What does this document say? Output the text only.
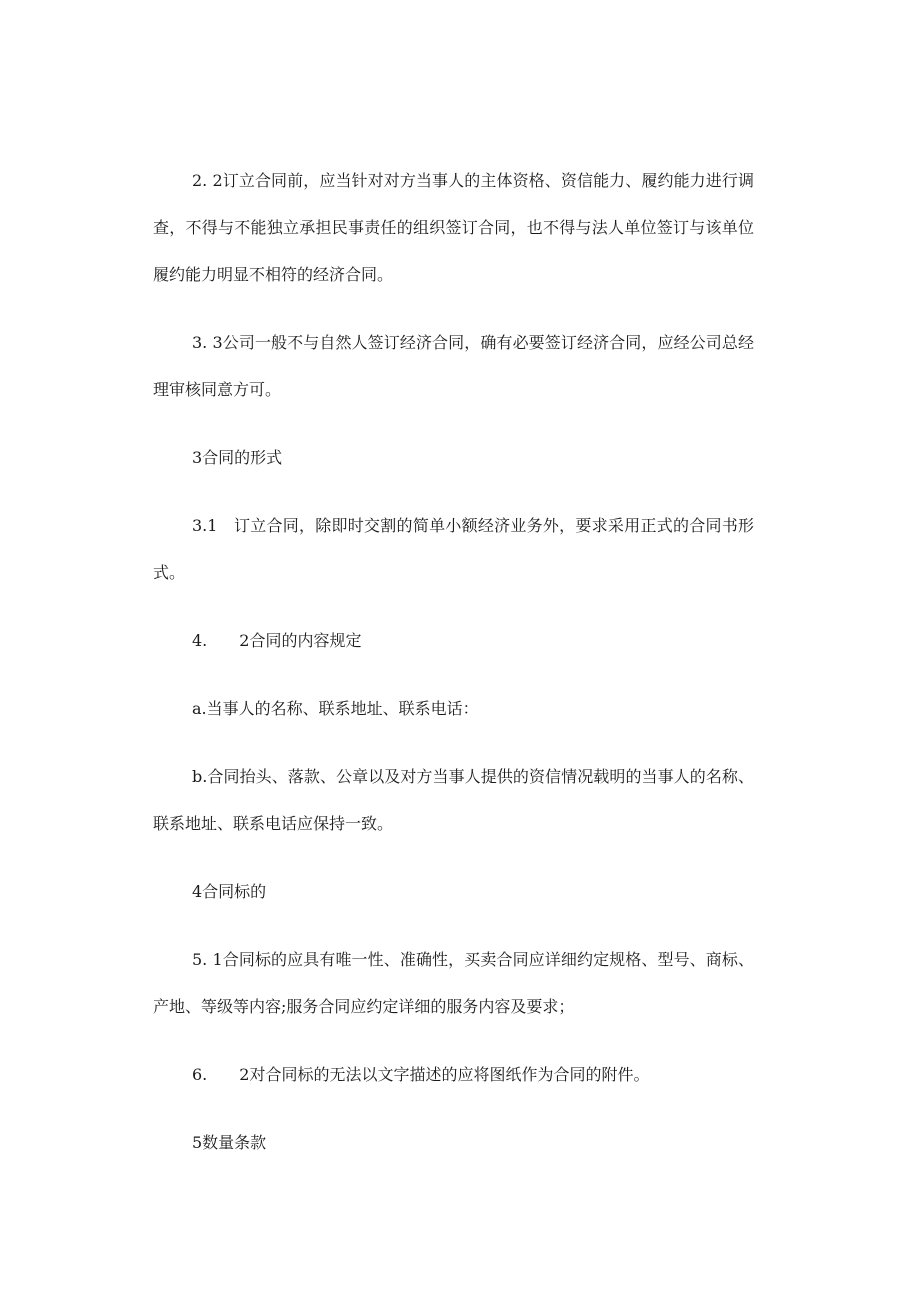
2. 2订立合同前，应当针对对方当事人的主体资格、资信能力、履约能力进行调查，不得与不能独立承担民事责任的组织签订合同，也不得与法人单位签订与该单位履约能力明显不相符的经济合同。

3. 3公司一般不与自然人签订经济合同，确有必要签订经济合同，应经公司总经理审核同意方可。

3合同的形式

3.1　订立合同，除即时交割的简单小额经济业务外，要求采用正式的合同书形式。

4.　　2合同的内容规定

a.当事人的名称、联系地址、联系电话：

b.合同抬头、落款、公章以及对方当事人提供的资信情况载明的当事人的名称、联系地址、联系电话应保持一致。

4合同标的

5. 1合同标的应具有唯一性、准确性，买卖合同应详细约定规格、型号、商标、产地、等级等内容;服务合同应约定详细的服务内容及要求；

6.　　2对合同标的无法以文字描述的应将图纸作为合同的附件。

5数量条款
